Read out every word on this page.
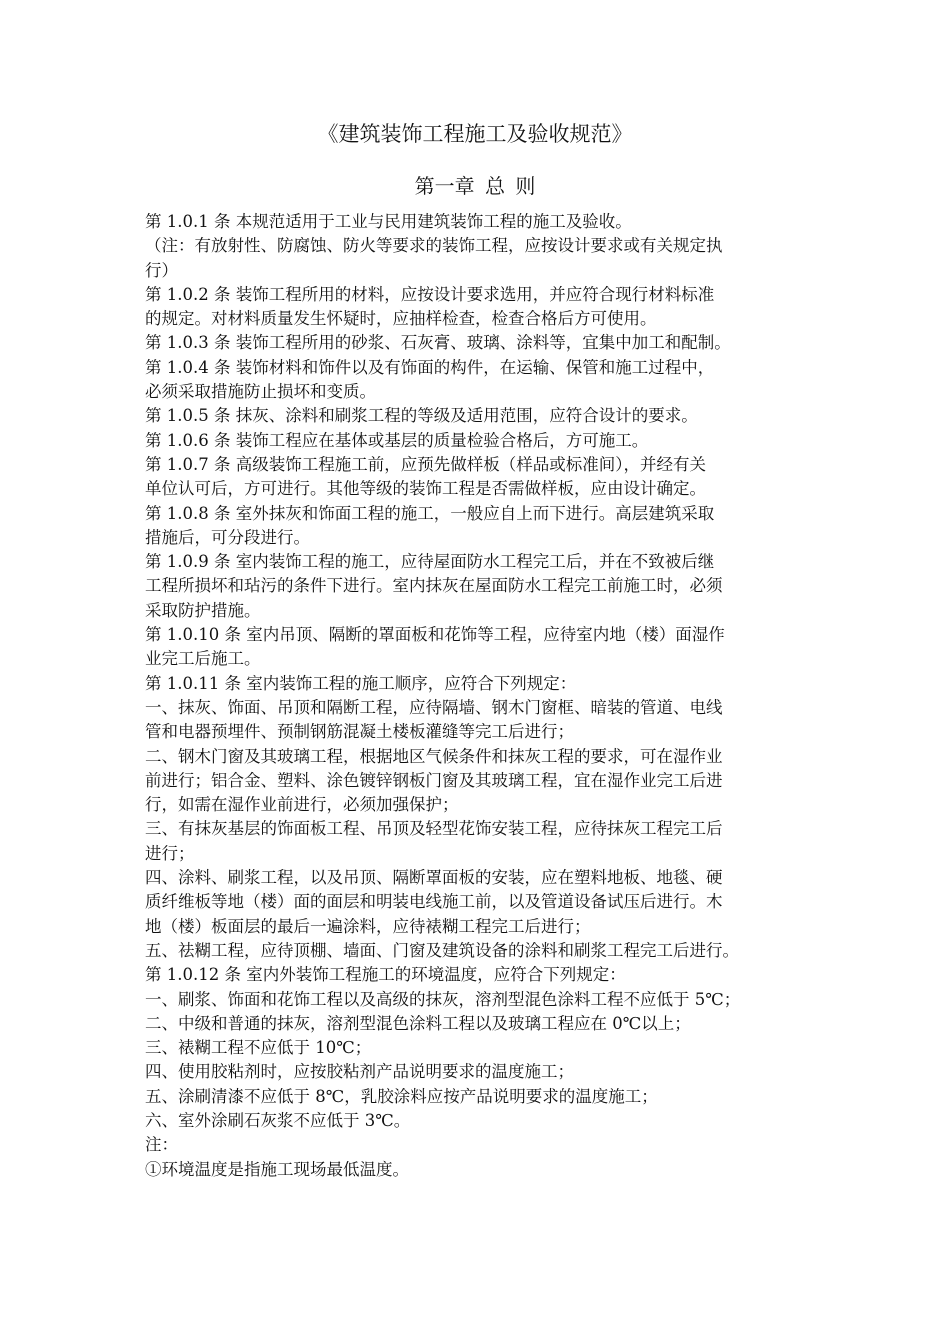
《建筑装饰工程施工及验收规范》
第一章 总 则
第 1.0.1 条 本规范适用于工业与民用建筑装饰工程的施工及验收。
（注：有放射性、防腐蚀、防火等要求的装饰工程，应按设计要求或有关规定执
行）
第 1.0.2 条 装饰工程所用的材料，应按设计要求选用，并应符合现行材料标准
的规定。对材料质量发生怀疑时，应抽样检查，检查合格后方可使用。
第 1.0.3 条 装饰工程所用的砂浆、石灰膏、玻璃、涂料等，宜集中加工和配制。
第 1.0.4 条 装饰材料和饰件以及有饰面的构件，在运输、保管和施工过程中，
必须采取措施防止损坏和变质。
第 1.0.5 条 抹灰、涂料和刷浆工程的等级及适用范围，应符合设计的要求。
第 1.0.6 条 装饰工程应在基体或基层的质量检验合格后，方可施工。
第 1.0.7 条 高级装饰工程施工前，应预先做样板（样品或标准间），并经有关
单位认可后，方可进行。其他等级的装饰工程是否需做样板，应由设计确定。
第 1.0.8 条 室外抹灰和饰面工程的施工，一般应自上而下进行。高层建筑采取
措施后，可分段进行。
第 1.0.9 条 室内装饰工程的施工，应待屋面防水工程完工后，并在不致被后继
工程所损坏和玷污的条件下进行。室内抹灰在屋面防水工程完工前施工时，必须
采取防护措施。
第 1.0.10 条 室内吊顶、隔断的罩面板和花饰等工程，应待室内地（楼）面湿作
业完工后施工。
第 1.0.11 条 室内装饰工程的施工顺序，应符合下列规定：
一、抹灰、饰面、吊顶和隔断工程，应待隔墙、钢木门窗框、暗装的管道、电线
管和电器预埋件、预制钢筋混凝土楼板灌缝等完工后进行；
二、钢木门窗及其玻璃工程，根据地区气候条件和抹灰工程的要求，可在湿作业
前进行；铝合金、塑料、涂色镀锌钢板门窗及其玻璃工程，宜在湿作业完工后进
行，如需在湿作业前进行，必须加强保护；
三、有抹灰基层的饰面板工程、吊顶及轻型花饰安装工程，应待抹灰工程完工后
进行；
四、涂料、刷浆工程，以及吊顶、隔断罩面板的安装，应在塑料地板、地毯、硬
质纤维板等地（楼）面的面层和明装电线施工前，以及管道设备试压后进行。木
地（楼）板面层的最后一遍涂料，应待裱糊工程完工后进行；
五、祛糊工程，应待顶棚、墙面、门窗及建筑设备的涂料和刷浆工程完工后进行。
第 1.0.12 条 室内外装饰工程施工的环境温度，应符合下列规定：
一、刷浆、饰面和花饰工程以及高级的抹灰，溶剂型混色涂料工程不应低于 5℃；
二、中级和普通的抹灰，溶剂型混色涂料工程以及玻璃工程应在 0℃以上；
三、裱糊工程不应低于 10℃；
四、使用胶粘剂时，应按胶粘剂产品说明要求的温度施工；
五、涂刷清漆不应低于 8℃，乳胶涂料应按产品说明要求的温度施工；
六、室外涂刷石灰浆不应低于 3℃。
注：
①环境温度是指施工现场最低温度。
